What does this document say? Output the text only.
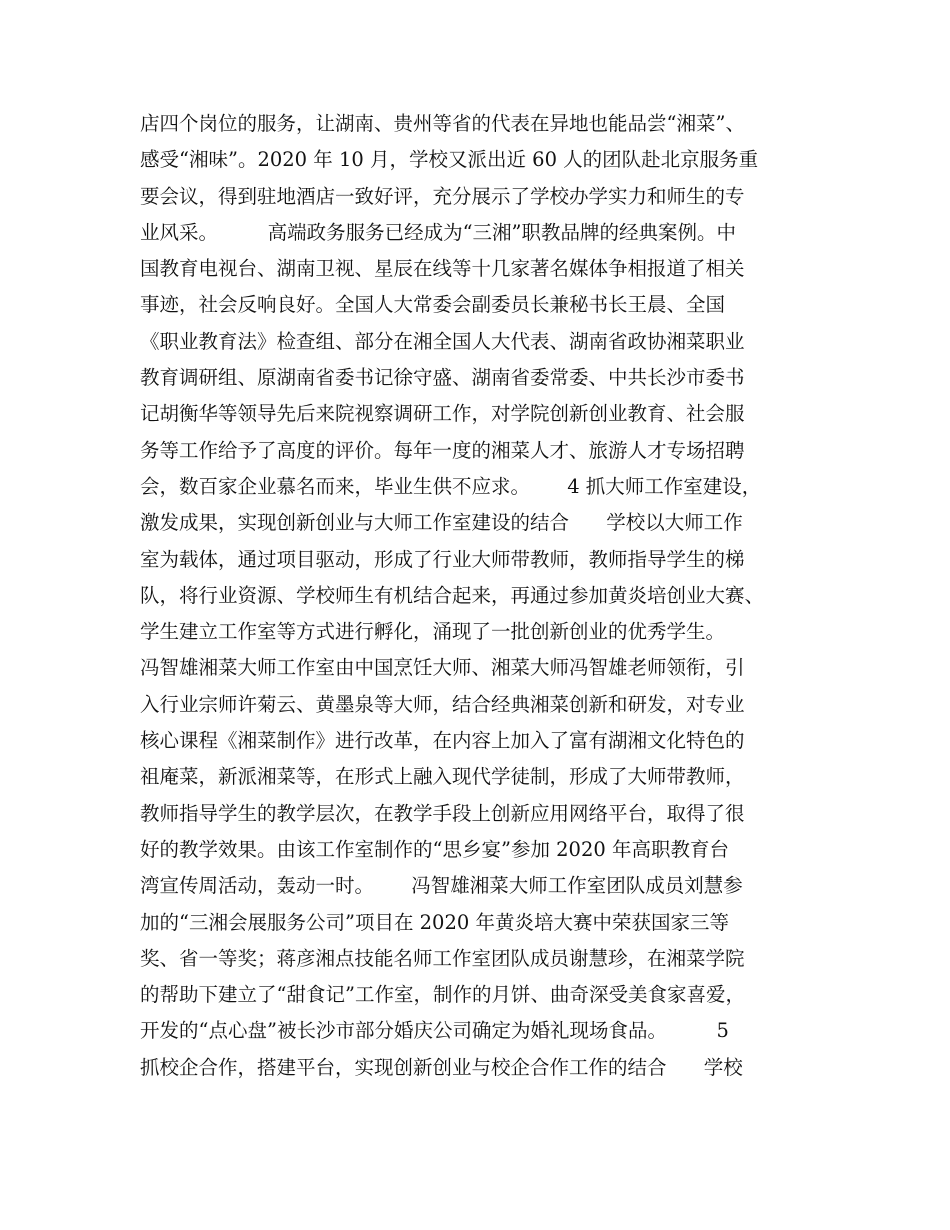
店四个岗位的服务，让湖南、贵州等省的代表在异地也能品尝“湘菜”、
感受“湘味”。2020 年 10 月，学校又派出近 60 人的团队赴北京服务重
要会议，得到驻地酒店一致好评，充分展示了学校办学实力和师生的专
业风采。        高端政务服务已经成为“三湘”职教品牌的经典案例。中
国教育电视台、湖南卫视、星辰在线等十几家著名媒体争相报道了相关
事迹，社会反响良好。全国人大常委会副委员长兼秘书长王晨、全国
《职业教育法》检查组、部分在湘全国人大代表、湖南省政协湘菜职业
教育调研组、原湖南省委书记徐守盛、湖南省委常委、中共长沙市委书
记胡衡华等领导先后来院视察调研工作，对学院创新创业教育、社会服
务等工作给予了高度的评价。每年一度的湘菜人才、旅游人才专场招聘
会，数百家企业慕名而来，毕业生供不应求。      4 抓大师工作室建设，
激发成果，实现创新创业与大师工作室建设的结合      学校以大师工作
室为载体，通过项目驱动，形成了行业大师带教师，教师指导学生的梯
队，将行业资源、学校师生有机结合起来，再通过参加黄炎培创业大赛、
学生建立工作室等方式进行孵化，涌现了一批创新创业的优秀学生。
冯智雄湘菜大师工作室由中国烹饪大师、湘菜大师冯智雄老师领衔，引
入行业宗师许菊云、黄墨泉等大师，结合经典湘菜创新和研发，对专业
核心课程《湘菜制作》进行改革，在内容上加入了富有湖湘文化特色的
祖庵菜，新派湘菜等，在形式上融入现代学徒制，形成了大师带教师，
教师指导学生的教学层次，在教学手段上创新应用网络平台，取得了很
好的教学效果。由该工作室制作的“思乡宴”参加 2020 年高职教育台
湾宣传周活动，轰动一时。      冯智雄湘菜大师工作室团队成员刘慧参
加的“三湘会展服务公司”项目在 2020 年黄炎培大赛中荣获国家三等
奖、省一等奖；蒋彦湘点技能名师工作室团队成员谢慧珍，在湘菜学院
的帮助下建立了“甜食记”工作室，制作的月饼、曲奇深受美食家喜爱，
开发的“点心盘”被长沙市部分婚庆公司确定为婚礼现场食品。        5
抓校企合作，搭建平台，实现创新创业与校企合作工作的结合      学校
